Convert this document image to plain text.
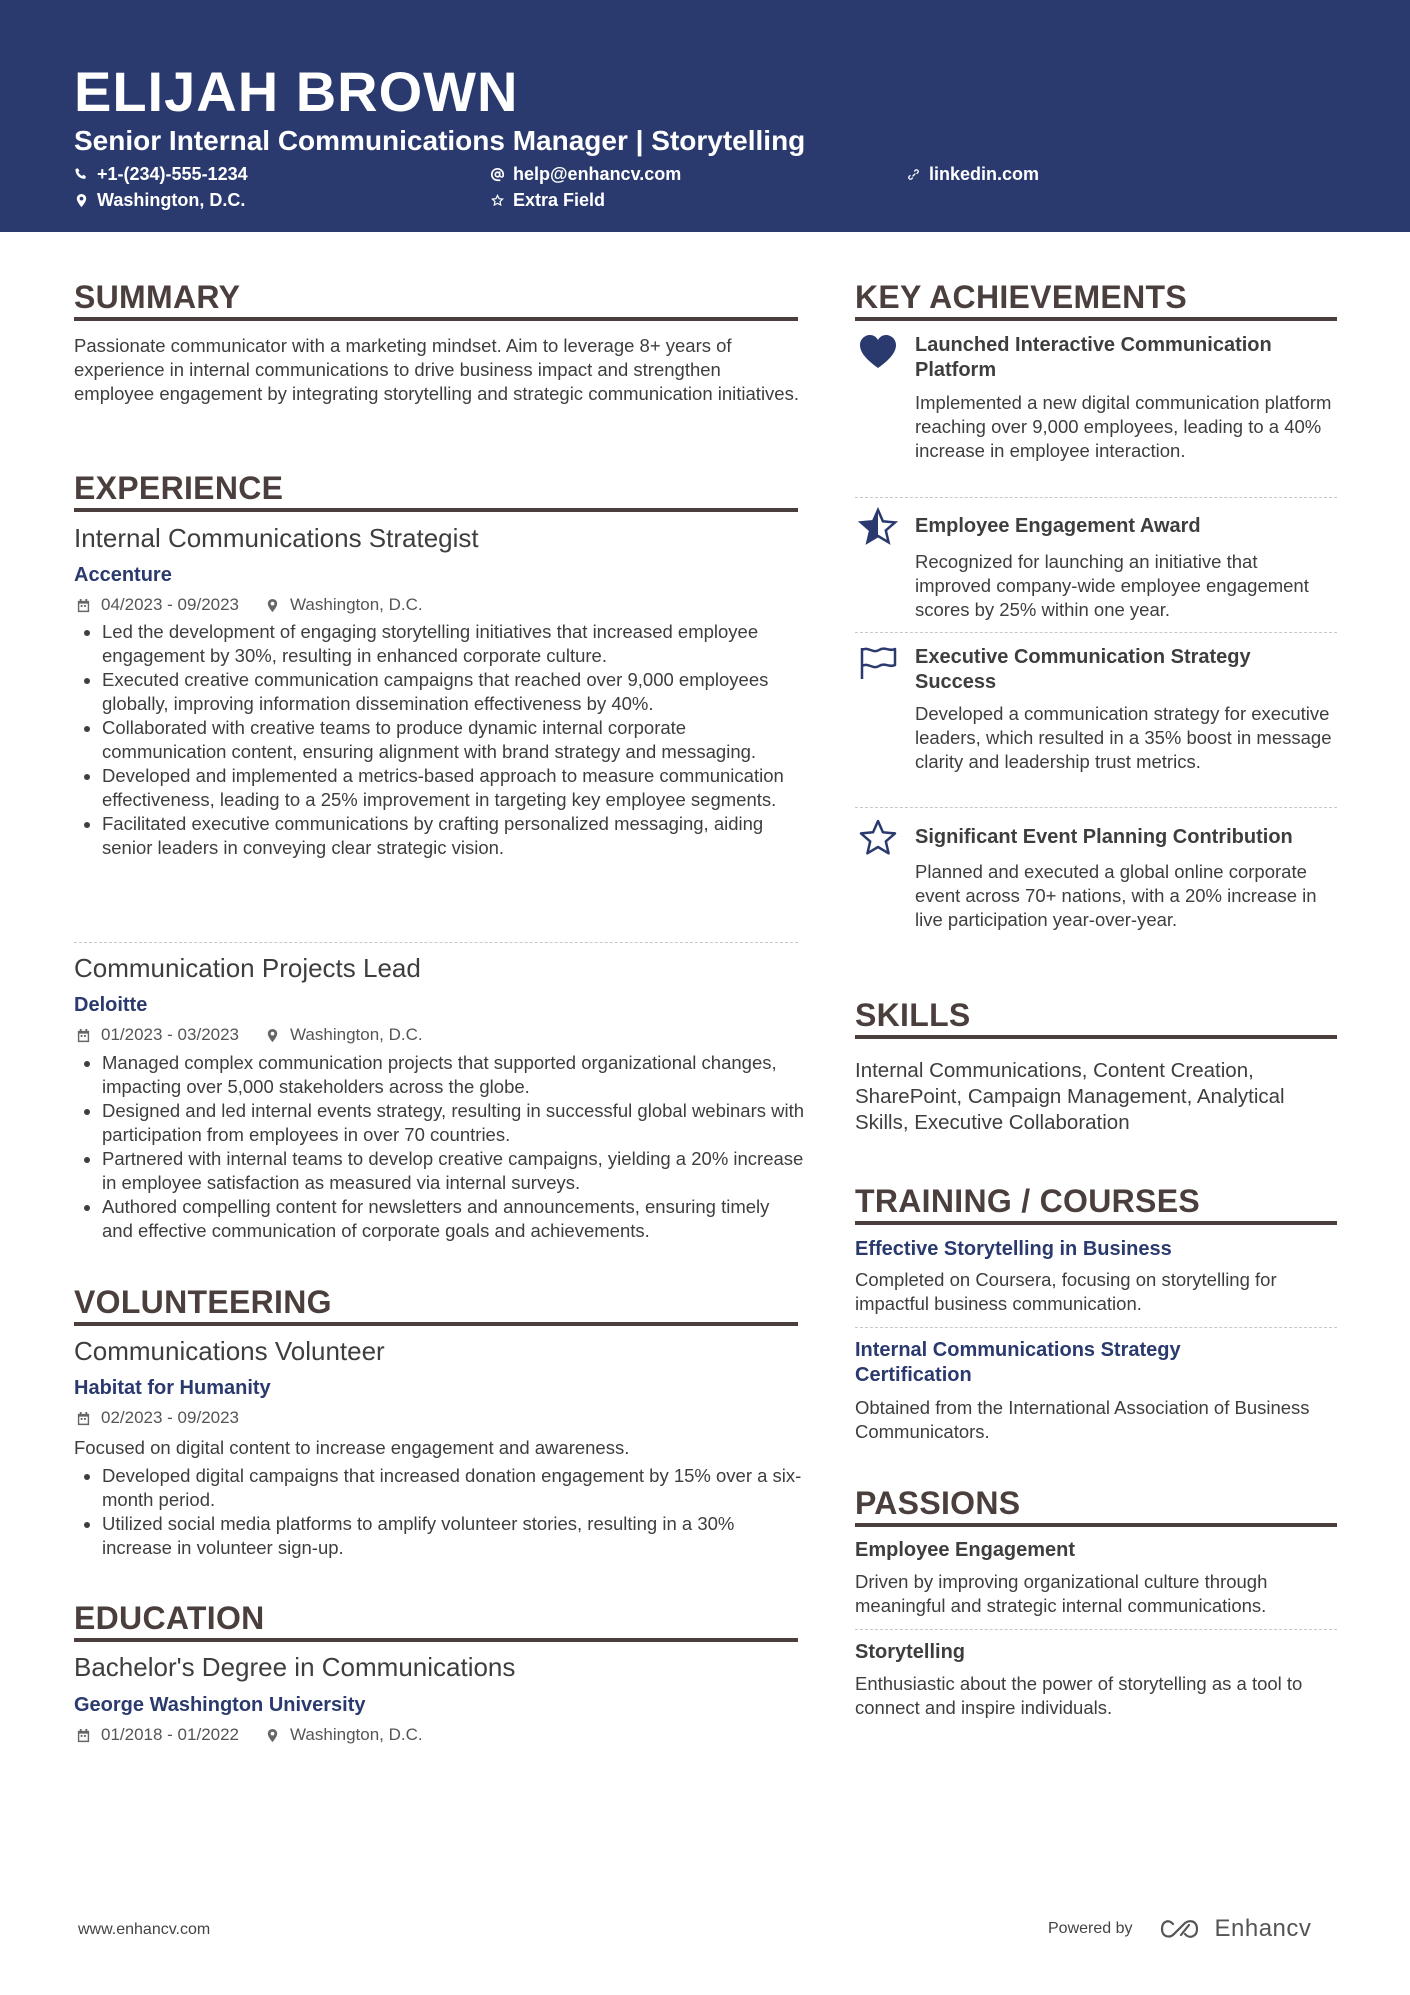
ELIJAH BROWN
Senior Internal Communications Manager | Storytelling
+1-(234)-555-1234	help@enhancv.com	linkedin.com
Washington, D.C.	Extra Field
SUMMARY
Passionate communicator with a marketing mindset. Aim to leverage 8+ years of experience in internal communications to drive business impact and strengthen employee engagement by integrating storytelling and strategic communication initiatives.
EXPERIENCE
Internal Communications Strategist
Accenture
04/2023 - 09/2023	Washington, D.C.
Led the development of engaging storytelling initiatives that increased employee engagement by 30%, resulting in enhanced corporate culture.
Executed creative communication campaigns that reached over 9,000 employees globally, improving information dissemination effectiveness by 40%.
Collaborated with creative teams to produce dynamic internal corporate communication content, ensuring alignment with brand strategy and messaging.
Developed and implemented a metrics-based approach to measure communication effectiveness, leading to a 25% improvement in targeting key employee segments.
Facilitated executive communications by crafting personalized messaging, aiding senior leaders in conveying clear strategic vision.
Communication Projects Lead
Deloitte
01/2023 - 03/2023	Washington, D.C.
Managed complex communication projects that supported organizational changes, impacting over 5,000 stakeholders across the globe.
Designed and led internal events strategy, resulting in successful global webinars with participation from employees in over 70 countries.
Partnered with internal teams to develop creative campaigns, yielding a 20% increase in employee satisfaction as measured via internal surveys.
Authored compelling content for newsletters and announcements, ensuring timely and effective communication of corporate goals and achievements.
VOLUNTEERING
Communications Volunteer
Habitat for Humanity
02/2023 - 09/2023
Focused on digital content to increase engagement and awareness.
Developed digital campaigns that increased donation engagement by 15% over a six-month period.
Utilized social media platforms to amplify volunteer stories, resulting in a 30% increase in volunteer sign-up.
EDUCATION
Bachelor's Degree in Communications
George Washington University
01/2018 - 01/2022	Washington, D.C.
KEY ACHIEVEMENTS
Launched Interactive Communication Platform
Implemented a new digital communication platform reaching over 9,000 employees, leading to a 40% increase in employee interaction.
Employee Engagement Award
Recognized for launching an initiative that improved company-wide employee engagement scores by 25% within one year.
Executive Communication Strategy Success
Developed a communication strategy for executive leaders, which resulted in a 35% boost in message clarity and leadership trust metrics.
Significant Event Planning Contribution
Planned and executed a global online corporate event across 70+ nations, with a 20% increase in live participation year-over-year.
SKILLS
Internal Communications, Content Creation, SharePoint, Campaign Management, Analytical Skills, Executive Collaboration
TRAINING / COURSES
Effective Storytelling in Business
Completed on Coursera, focusing on storytelling for impactful business communication.
Internal Communications Strategy Certification
Obtained from the International Association of Business Communicators.
PASSIONS
Employee Engagement
Driven by improving organizational culture through meaningful and strategic internal communications.
Storytelling
Enthusiastic about the power of storytelling as a tool to connect and inspire individuals.
www.enhancv.com	Powered by	Enhancv
